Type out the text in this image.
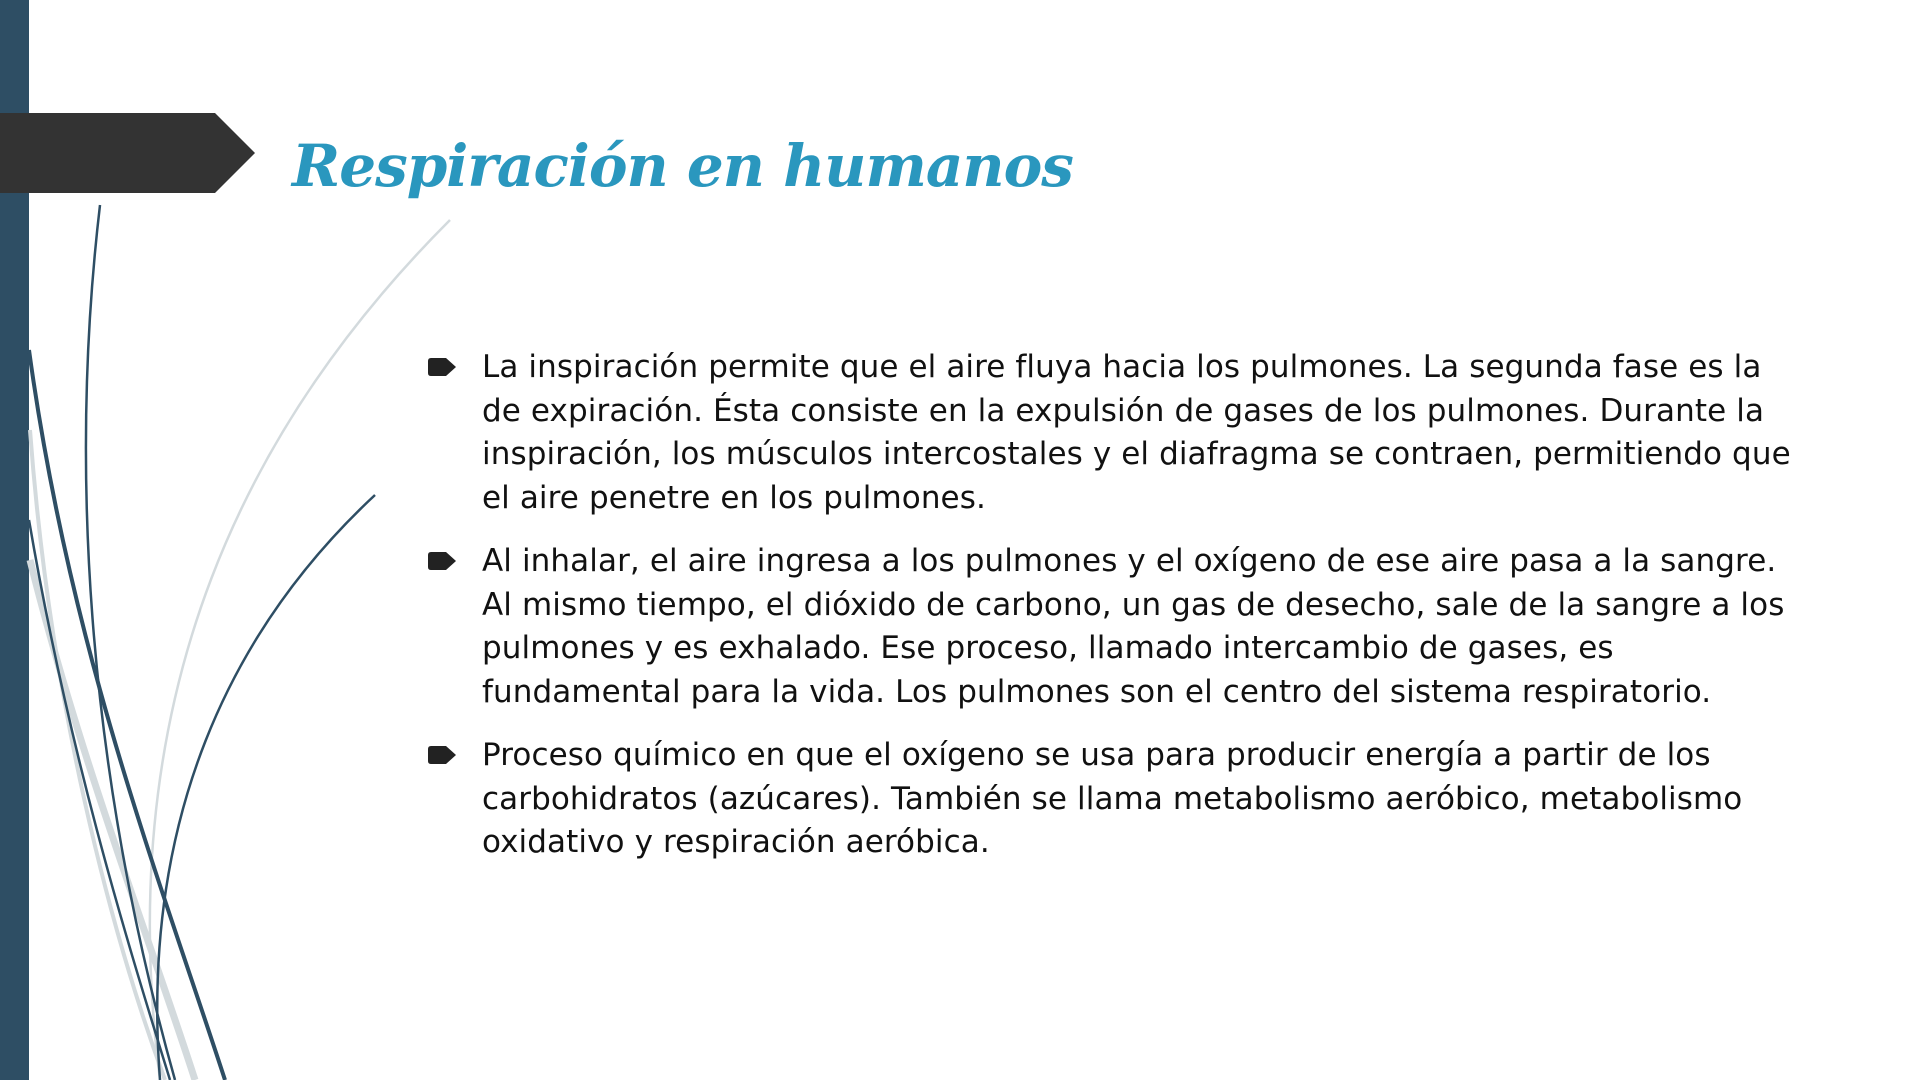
Respiración en humanos
La inspiración permite que el aire fluya hacia los pulmones. La segunda fase es la de expiración. Ésta consiste en la expulsión de gases de los pulmones. Durante la inspiración, los músculos intercostales y el diafragma se contraen, permitiendo que el aire penetre en los pulmones.
Al inhalar, el aire ingresa a los pulmones y el oxígeno de ese aire pasa a la sangre. Al mismo tiempo, el dióxido de carbono, un gas de desecho, sale de la sangre a los pulmones y es exhalado. Ese proceso, llamado intercambio de gases, es fundamental para la vida. Los pulmones son el centro del sistema respiratorio.
Proceso químico en que el oxígeno se usa para producir energía a partir de los carbohidratos (azúcares). También se llama metabolismo aeróbico, metabolismo oxidativo y respiración aeróbica.
